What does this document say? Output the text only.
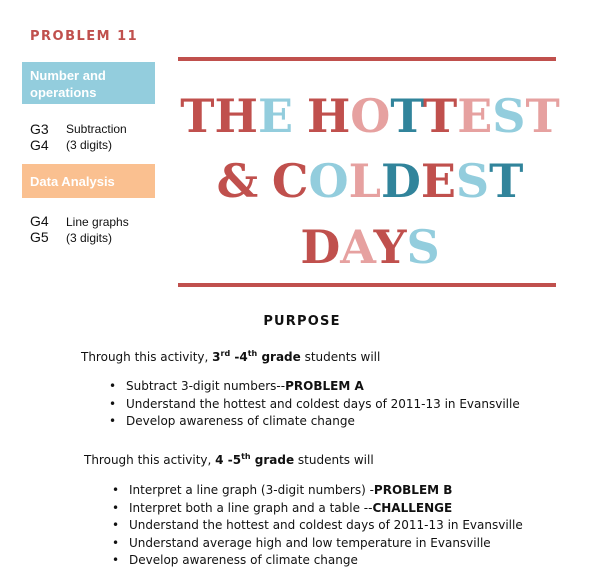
PROBLEM 11
Number and operations
G3
G4
Subtraction
(3 digits)
Data Analysis
G4
G5
Line graphs
(3 digits)
THE HOTTEST
& COLDEST
DAYS
PURPOSE
Through this activity, 3rd -4th grade students will
• Subtract 3-digit numbers--PROBLEM A
• Understand the hottest and coldest days of 2011-13 in Evansville
• Develop awareness of climate change
Through this activity, 4 -5th grade students will
• Interpret a line graph (3-digit numbers) -PROBLEM B
• Interpret both a line graph and a table --CHALLENGE
• Understand the hottest and coldest days of 2011-13 in Evansville
• Understand average high and low temperature in Evansville
• Develop awareness of climate change
